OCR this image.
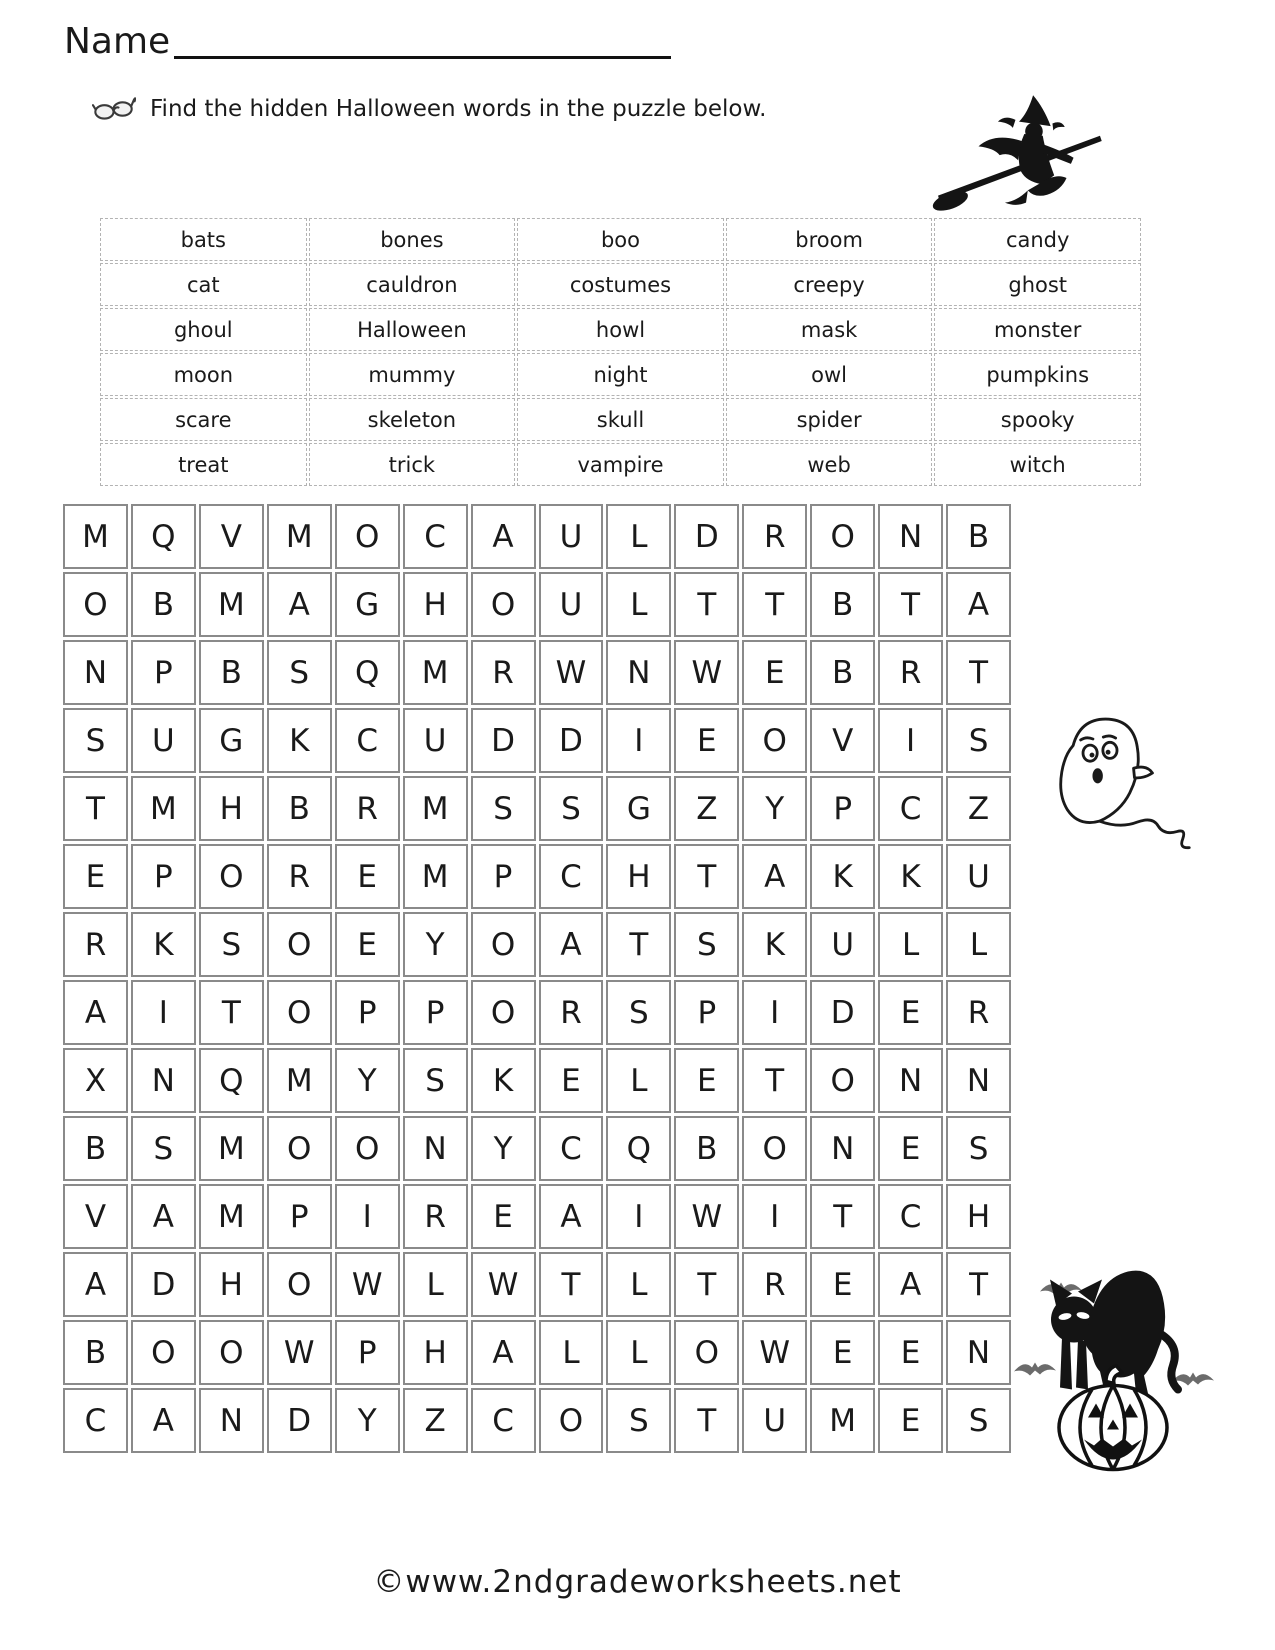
Name
Find the hidden Halloween words in the puzzle below.
bats	bones	boo	broom	candy
cat	cauldron	costumes	creepy	ghost
ghoul	Halloween	howl	mask	monster
moon	mummy	night	owl	pumpkins
scare	skeleton	skull	spider	spooky
treat	trick	vampire	web	witch
M	Q	V	M	O	C	A	U	L	D	R	O	N	B
O	B	M	A	G	H	O	U	L	T	T	B	T	A
N	P	B	S	Q	M	R	W	N	W	E	B	R	T
S	U	G	K	C	U	D	D	I	E	O	V	I	S
T	M	H	B	R	M	S	S	G	Z	Y	P	C	Z
E	P	O	R	E	M	P	C	H	T	A	K	K	U
R	K	S	O	E	Y	O	A	T	S	K	U	L	L
A	I	T	O	P	P	O	R	S	P	I	D	E	R
X	N	Q	M	Y	S	K	E	L	E	T	O	N	N
B	S	M	O	O	N	Y	C	Q	B	O	N	E	S
V	A	M	P	I	R	E	A	I	W	I	T	C	H
A	D	H	O	W	L	W	T	L	T	R	E	A	T
B	O	O	W	P	H	A	L	L	O	W	E	E	N
C	A	N	D	Y	Z	C	O	S	T	U	M	E	S
©www.2ndgradeworksheets.net
